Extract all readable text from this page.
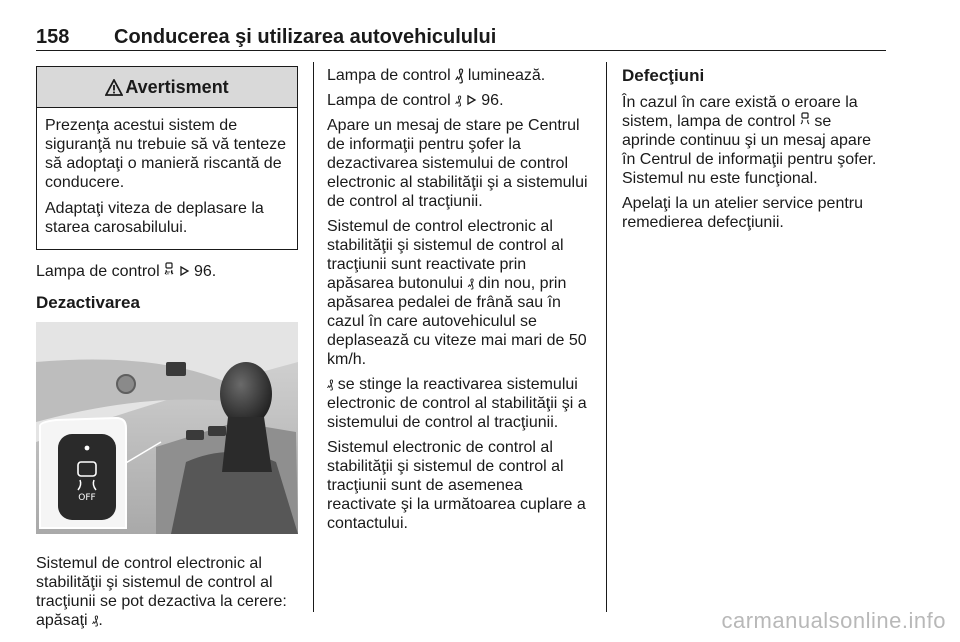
158 Conducerea şi utilizarea autovehiculului
Avertisment

Prezenţa acestui sistem de siguranţă nu trebuie să vă tenteze să adoptaţi o manieră riscantă de conducere.

Adaptaţi viteza de deplasare la starea carosabilului.

Lampa de control OFF 96.

Dezactivarea

OFF

Sistemul de control electronic al stabilităţii şi sistemul de control al tracţiunii se pot dezactiva la cerere: apăsaţi ₰.

Lampa de control ₰ luminează.

Lampa de control ₰ 96.

Apare un mesaj de stare pe Centrul de informaţii pentru şofer la dezactivarea sistemului de control electronic al stabilităţii şi a sistemului de control al tracţiunii.

Sistemul de control electronic al stabilităţii şi sistemul de control al tracţiunii sunt reactivate prin apăsarea butonului ₰ din nou, prin apăsarea pedalei de frână sau în cazul în care autovehiculul se deplasează cu viteze mai mari de 50 km/h.

₰ se stinge la reactivarea sistemului electronic de control al stabilităţii şi a sistemului de control al tracţiunii.

Sistemul electronic de control al stabilităţii şi sistemul de control al tracţiunii sunt de asemenea reactivate şi la următoarea cuplare a contactului.

Defecţiuni

În cazul în care există o eroare la sistem, lampa de control se aprinde continuu şi un mesaj apare în Centrul de informaţii pentru şofer. Sistemul nu este funcţional.

Apelaţi la un atelier service pentru remedierea defecţiunii.

carmanualsonline.info
